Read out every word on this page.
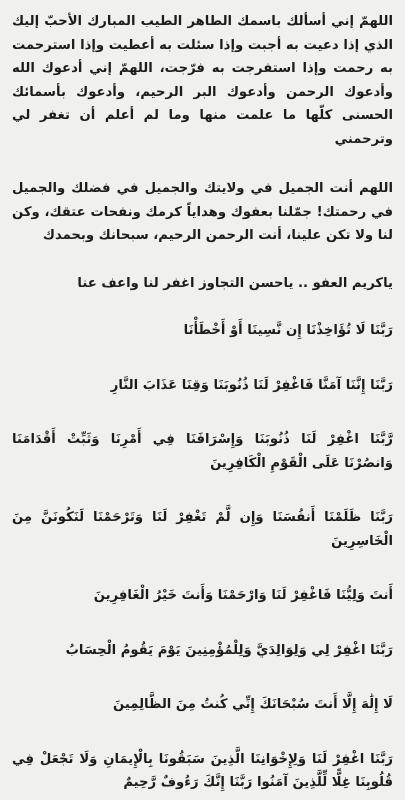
اللهمّ إني أسألك باسمك الطاهر الطيب المبارك الأحبّ إليك الذي إذا دعيت به أجبت وإذا سئلت به أعطيت وإذا استرحمت به رحمت وإذا استفرجت به فرّجت، اللهمّ إني أدعوك الله وأدعوك الرحمن وأدعوك البر الرحيم، وأدعوك بأسمائك الحسنى كلّها ما علمت منها وما لم أعلم أن تغفر لي وترحمني

اللهم أنت الجميل في ولايتك والجميل في فضلك والجميل في رحمتك! جمّلنا بعفوك وهداياً كرمك ونفحات عتقك، وكن لنا ولا تكن علينا، أنت الرحمن الرحيم، سبحانك وبحمدك

ياكريم العفو .. ياحسن التجاوز اغفر لنا واعف عنا

رَبَّنَا لَا تُؤَاخِذْنَا إِن نَّسِينَا أَوْ أَخْطَأْنَا

رَبَّنَا إِنَّنَا آمَنَّا فَاغْفِرْ لَنَا ذُنُوبَنَا وَقِنَا عَذَابَ النَّارِ

رَّبَّنَا اغْفِرْ لَنَا ذُنُوبَنَا وَإِسْرَافَنَا فِي أَمْرِنَا وَثَبِّتْ أَقْدَامَنَا وَانصُرْنَا عَلَى الْقَوْمِ الْكَافِرِينَ

رَبَّنَا ظَلَمْنَا أَنفُسَنَا وَإِن لَّمْ تَغْفِرْ لَنَا وَتَرْحَمْنَا لَنَكُونَنَّ مِنَ الْخَاسِرِينَ

أَنتَ وَلِيُّنَا فَاغْفِرْ لَنَا وَارْحَمْنَا وَأَنتَ خَيْرُ الْغَافِرِينَ

رَبَّنَا اغْفِرْ لِي وَلِوَالِدَيَّ وَلِلْمُؤْمِنِينَ يَوْمَ يَقُومُ الْحِسَابُ

لَا إِلَٰهَ إِلَّا أَنتَ سُبْحَانَكَ إِنِّي كُنتُ مِنَ الظَّالِمِينَ

رَبَّنَا اغْفِرْ لَنَا وَلِإِخْوَانِنَا الَّذِينَ سَبَقُونَا بِالْإِيمَانِ وَلَا تَجْعَلْ فِي قُلُوبِنَا غِلًّا لِّلَّذِينَ آمَنُوا رَبَّنَا إِنَّكَ رَءُوفٌ رَّحِيمٌ
